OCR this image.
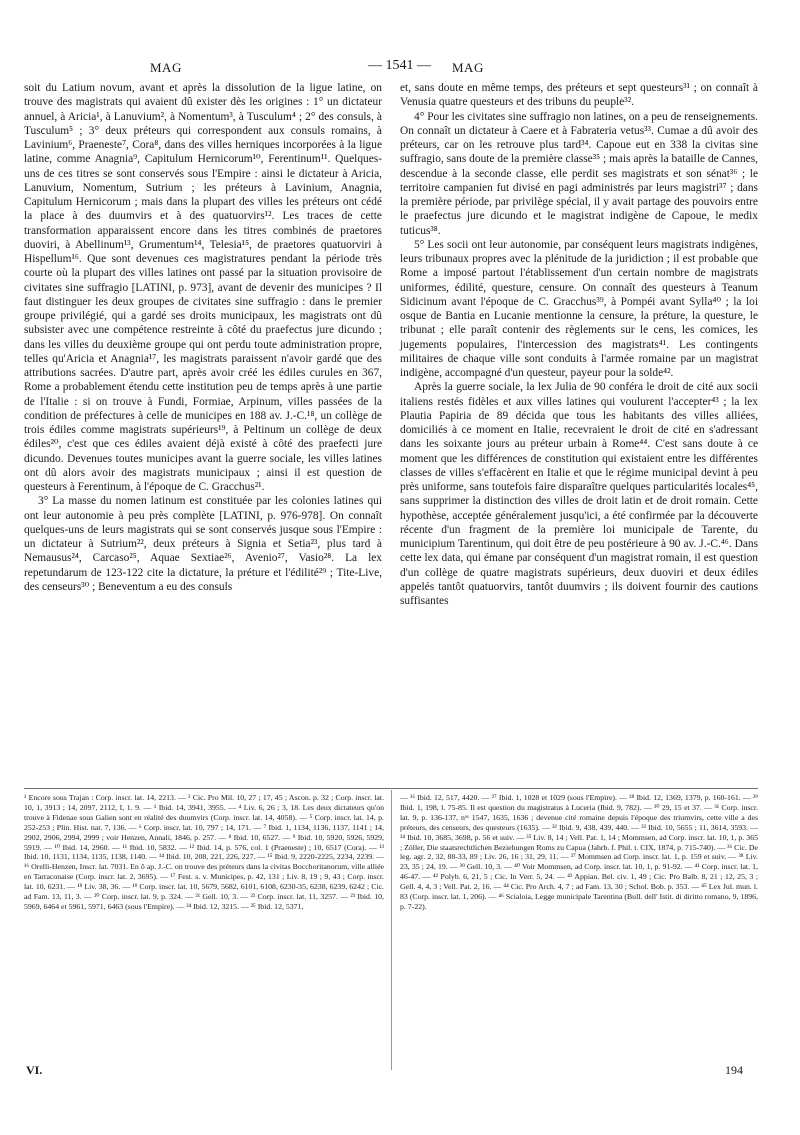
MAG	— 1541 — MAG

soit du Latium novum, avant et après la dissolution de la ligue latine, on trouve des magistrats qui avaient dû exister dès les origines : 1° un dictateur annuel, à Aricia¹, à Lanuvium², à Nomentum³, à Tusculum⁴ ; 2° des consuls, à Tusculum⁵ ; 3° deux préteurs qui correspondent aux consuls romains, à Lavinium⁶, Praeneste⁷, Cora⁸, dans des villes herniques incorporées à la ligue latine, comme Anagnia⁹, Capitulum Hernicorum¹⁰, Ferentinum¹¹. Quelques-uns de ces titres se sont conservés sous l'Empire : ainsi le dictateur à Aricia, Lanuvium, Nomentum, Sutrium ; les préteurs à Lavinium, Anagnia, Capitulum Hernicorum ; mais dans la plupart des villes les préteurs ont cédé la place à des duumvirs et à des quatuorvirs¹². Les traces de cette transformation apparaissent encore dans les titres combinés de praetores duoviri, à Abellinum¹³, Grumentum¹⁴, Telesia¹⁵, de praetores quatuorviri à Hispellum¹⁶. Que sont devenues ces magistratures pendant la période très courte où la plupart des villes latines ont passé par la situation provisoire de civitates sine suffragio [LATINI, p. 973], avant de devenir des municipes ? Il faut distinguer les deux groupes de civitates sine suffragio : dans le premier groupe privilégié, qui a gardé ses droits municipaux, les magistrats ont dû subsister avec une compétence restreinte à côté du praefectus jure dicundo ; dans les villes du deuxième groupe qui ont perdu toute administration propre, telles qu'Aricia et Anagnia¹⁷, les magistrats paraissent n'avoir gardé que des attributions sacrées. D'autre part, après avoir créé les édiles curules en 367, Rome a probablement étendu cette institution peu de temps après à une partie de l'Italie : si on trouve à Fundi, Formiae, Arpinum, villes passées de la condition de préfectures à celle de municipes en 188 av. J.-C.¹⁸, un collège de trois édiles comme magistrats supérieurs¹⁹, à Peltinum un collège de deux édiles²⁰, c'est que ces édiles avaient déjà existé à côté des praefecti jure dicundo. Devenues toutes municipes avant la guerre sociale, les villes latines ont dû alors avoir des magistrats municipaux ; ainsi il est question de questeurs à Ferentinum, à l'époque de C. Gracchus²¹.

3° La masse du nomen latinum est constituée par les colonies latines qui ont leur autonomie à peu près complète [LATINI, p. 976-978]. On connaît quelques-uns de leurs magistrats qui se sont conservés jusque sous l'Empire : un dictateur à Sutrium²², deux préteurs à Signia et Setia²³, plus tard à Nemausus²⁴, Carcaso²⁵, Aquae Sextiae²⁶, Avenio²⁷, Vasio²⁸. La lex repetundarum de 123-122 cite la dictature, la préture et l'édilité²⁹ ; Tite-Live, des censeurs³⁰ ; Beneventum a eu des consuls

et, sans doute en même temps, des préteurs et sept questeurs³¹ ; on connaît à Venusia quatre questeurs et des tribuns du peuple³².

4° Pour les civitates sine suffragio non latines, on a peu de renseignements. On connaît un dictateur à Caere et à Fabrateria vetus³³. Cumae a dû avoir des préteurs, car on les retrouve plus tard³⁴. Capoue eut en 338 la civitas sine suffragio, sans doute de la première classe³⁵ ; mais après la bataille de Cannes, descendue à la seconde classe, elle perdit ses magistrats et son sénat³⁶ ; le territoire campanien fut divisé en pagi administrés par leurs magistri³⁷ ; dans la première période, par privilège spécial, il y avait partage des pouvoirs entre le praefectus jure dicundo et le magistrat indigène de Capoue, le medix tuticus³⁸.

5° Les socii ont leur autonomie, par conséquent leurs magistrats indigènes, leurs tribunaux propres avec la plénitude de la juridiction ; il est probable que Rome a imposé partout l'établissement d'un certain nombre de magistrats uniformes, édilité, questure, censure. On connaît des questeurs à Teanum Sidicinum avant l'époque de C. Gracchus³⁹, à Pompéi avant Sylla⁴⁰ ; la loi osque de Bantia en Lucanie mentionne la censure, la préture, la questure, le tribunat ; elle paraît contenir des règlements sur le cens, les comices, les jugements populaires, l'intercession des magistrats⁴¹. Les contingents militaires de chaque ville sont conduits à l'armée romaine par un magistrat indigène, accompagné d'un questeur, payeur pour la solde⁴².

Après la guerre sociale, la lex Julia de 90 conféra le droit de cité aux socii italiens restés fidèles et aux villes latines qui voulurent l'accepter⁴³ ; la lex Plautia Papiria de 89 décida que tous les habitants des villes alliées, domiciliés à ce moment en Italie, recevraient le droit de cité en s'adressant dans les soixante jours au préteur urbain à Rome⁴⁴. C'est sans doute à ce moment que les différences de constitution qui existaient entre les différentes classes de villes s'effacèrent en Italie et que le régime municipal devint à peu près uniforme, sans toutefois faire disparaître quelques particularités locales⁴⁵, sans supprimer la distinction des villes de droit latin et de droit romain. Cette hypothèse, acceptée généralement jusqu'ici, a été confirmée par la découverte récente d'un fragment de la première loi municipale de Tarente, du municipium Tarentinum, qui doit être de peu postérieure à 90 av. J.-C.⁴⁶. Dans cette lex data, qui émane par conséquent d'un magistrat romain, il est question d'un collège de quatre magistrats supérieurs, deux duoviri et deux édiles appelés tantôt quatuorvirs, tantôt duumvirs ; ils doivent fournir des cautions suffisantes

¹ Encore sous Trajan : Corp. inscr. lat. 14, 2213. — ² Cic. Pro Mil. 10, 27 ; 17, 45 ; Ascon. p. 32 ; Corp. inscr. lat. 10, 1, 3913 ; 14, 2097, 2112, I, 1. 9. — ³ Ibid. 14, 3941, 3955. — ⁴ Liv. 6, 26 ; 3, 18. Les deux dictateurs qu'on trouve à Fidenae sous Galien sont en réalité des duumvirs (Corp. inscr. lat. 14, 4058). — ⁵ Corp. inscr. lat. 14, p. 252-253 ; Plin. Hist. nat. 7, 136. — ⁶ Corp. inscr. lat. 10, 797 ; 14, 171. — ⁷ Ibid. 1, 1134, 1136, 1137, 1141 ; 14, 2902, 2906, 2994, 2999 ; voir Henzen, Annali, 1846, p. 257. — ⁸ Ibid. 10, 6527. — ⁹ Ibid. 10, 5920, 5926, 5929, 5919. — ¹⁰ Ibid. 14, 2960. — ¹¹ Ibid. 10, 5832. — ¹² Ibid. 14, p. 576, col. 1 (Praeneste) ; 10, 6517 (Cora). — ¹³ Ibid. 10, 1131, 1134, 1135, 1138, 1140. — ¹⁴ Ibid. 10, 208, 221, 226, 227. — ¹⁵ Ibid. 9, 2220-2225, 2234, 2239. — ¹⁶ Orelli-Henzen, Inscr. lat. 7031. En ô ap. J.-C. on trouve des préteurs dans la civitas Bocchoritanorum, ville alliée en Tarraconaise (Corp. inscr. lat. 2, 3695). — ¹⁷ Fest. s. v. Municipes, p. 42, 131 ; Liv. 8, 19 ; 9, 43 ; Corp. inscr. lat. 10, 6231. — ¹⁸ Liv. 38, 36. — ¹⁹ Corp. inscr. lat. 10, 5679, 5682, 6101, 6108, 6230-35, 6238, 6239, 6242 ; Cic. ad Fam. 13, 11, 3. — ²⁰ Corp. inscr. lat. 9, p. 324. — ²¹ Gell. 10, 3. — ²² Corp. inscr. lat. 11, 3257. — ²³ Ibid. 10, 5969, 6464 et 5961, 5971, 6463 (sous l'Empire). — ²⁴ Ibid. 12, 3215. — ²⁵ Ibid. 12, 5371,
— ²⁶ Ibid. 12, 517, 4420. — ²⁷ Ibid. 1, 1028 et 1029 (sous l'Empire). — ²⁸ Ibid. 12, 1369, 1379, p. 160-161. — ²⁹ Ibid. 1, 198, l. 75-85. Il est question du magistratus à Luceria (Ibid. 9, 782). — ³⁰ 29, 15 et 37. — ³¹ Corp. inscr. lat. 9, p. 136-137, nᵒˢ 1547, 1635, 1636 ; devenue cité romaine depuis l'époque des triumvirs, cette ville a des préteurs, des censeurs, des questeurs (1635). — ³² Ibid. 9, 438, 439, 440. — ³³ Ibid. 10, 5655 ; 11, 3614, 3593. — ³⁴ Ibid. 10, 3685, 3698, p. 56 et suiv. — ³⁵ Liv. 8, 14 ; Vell. Pat. 1, 14 ; Mommsen, ad Corp. inscr. lat. 10, 1, p. 365 ; Zöller, Die staatsrechtlichen Beziehungen Roms zu Capua (Jahrb. f. Phil. t. CIX, 1874, p. 715-740). — ³⁶ Cic. De leg. agr. 2, 32, 88-33, 89 ; Liv. 26, 16 ; 31, 29, 11. — ³⁷ Mommsen ad Corp. inscr. lat. 1, p. 159 et suiv. — ³⁸ Liv. 23, 35 ; 24, 19. — ³⁹ Gell. 10, 3. — ⁴⁰ Voir Mommsen, ad Corp. inscr. lat. 10, 1, p. 91-92. — ⁴¹ Corp. inscr. lat. 1, 46-47. — ⁴² Polyb. 6, 21, 5 ; Cic. In Verr. 5, 24. — ⁴³ Appian. Bel. civ. 1, 49 ; Cic. Pro Balb. 8, 21 ; 12, 25, 3 ; Gell. 4, 4, 3 ; Vell. Pat. 2, 16. — ⁴⁴ Cic. Pro Arch. 4, 7 ; ad Fam. 13, 30 ; Schol. Bob. p. 353. — ⁴⁵ Lex Jul. mun. l. 83 (Corp. inscr. lat. 1, 206). — ⁴⁶ Scialoia, Legge municipale Tarentina (Bull. dell' Istit. di diritto romano, 9, 1896, p. 7-22).
VI.	194
